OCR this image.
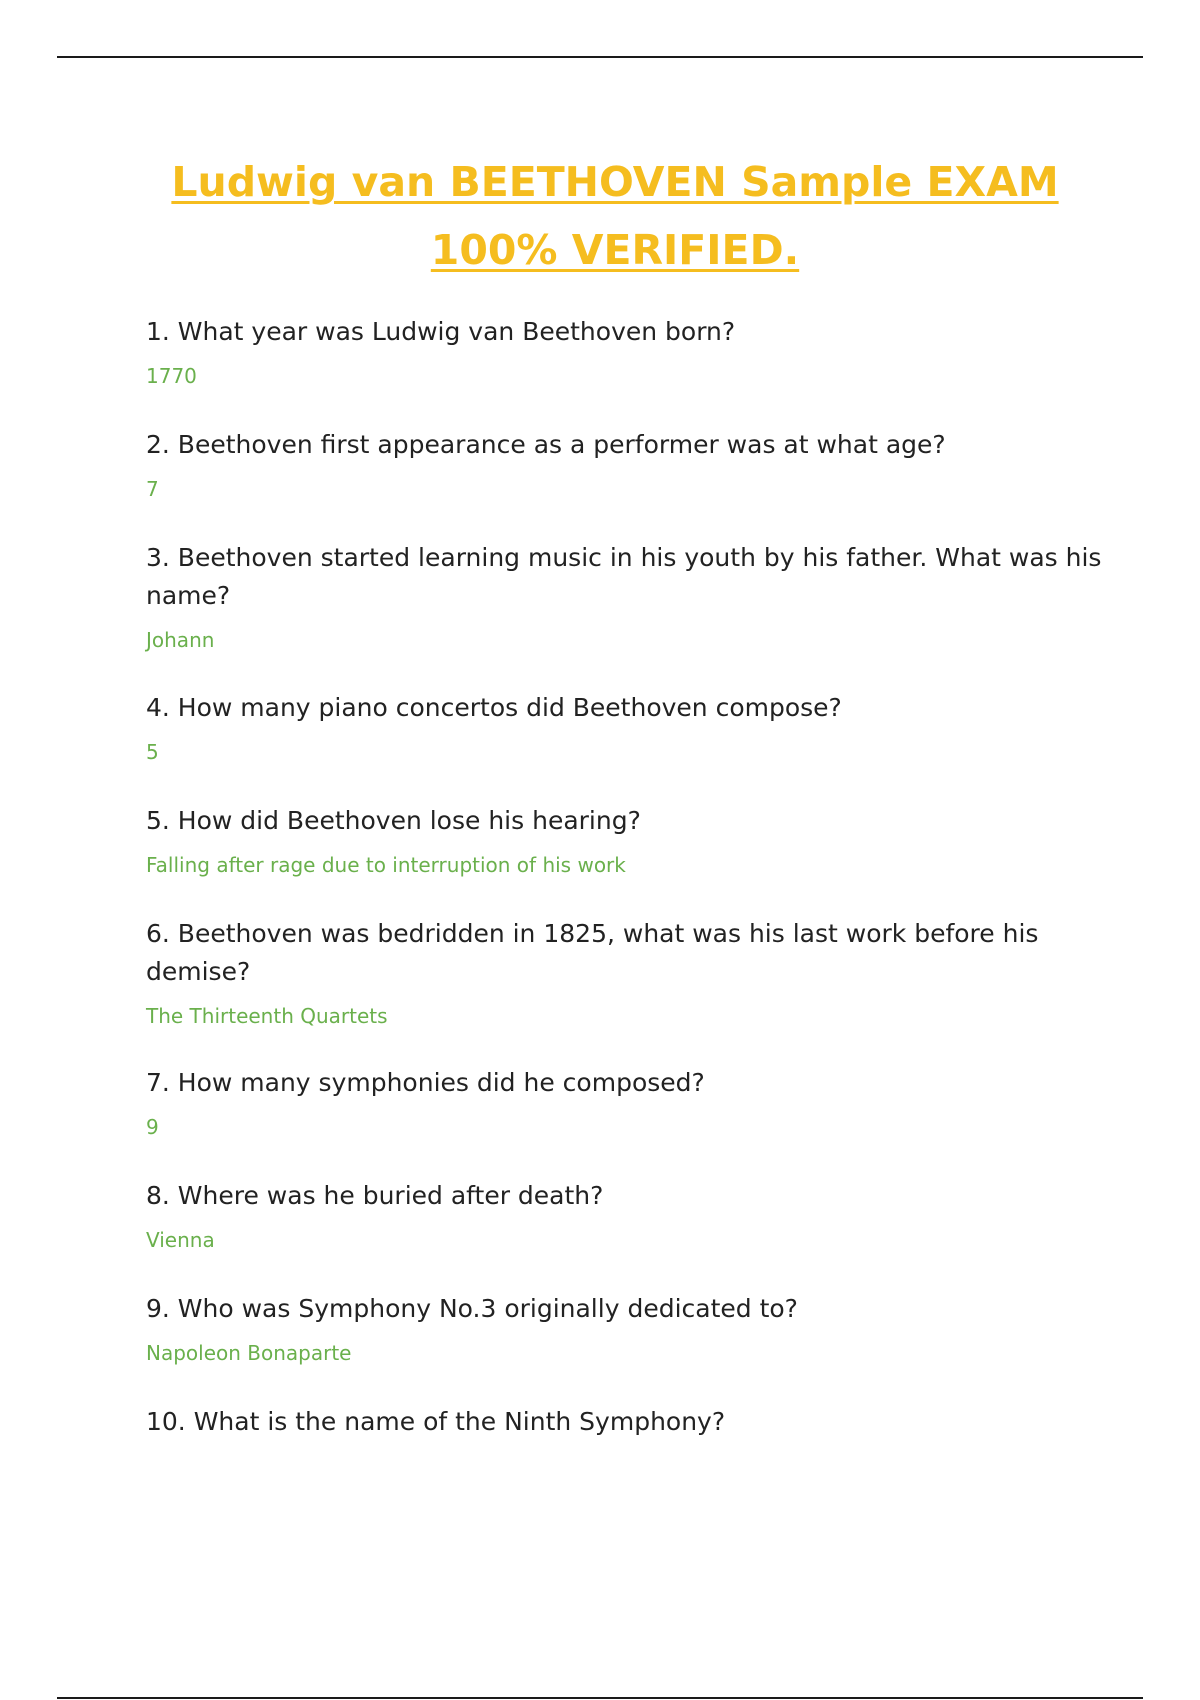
Ludwig van BEETHOVEN Sample EXAM
100% VERIFIED.

1. What year was Ludwig van Beethoven born?

1770

2. Beethoven first appearance as a performer was at what age?

7

3. Beethoven started learning music in his youth by his father. What was his name?

Johann

4. How many piano concertos did Beethoven compose?

5

5. How did Beethoven lose his hearing?

Falling after rage due to interruption of his work

6. Beethoven was bedridden in 1825, what was his last work before his demise?

The Thirteenth Quartets

7. How many symphonies did he composed?

9

8. Where was he buried after death?

Vienna

9. Who was Symphony No.3 originally dedicated to?

Napoleon Bonaparte

10. What is the name of the Ninth Symphony?
